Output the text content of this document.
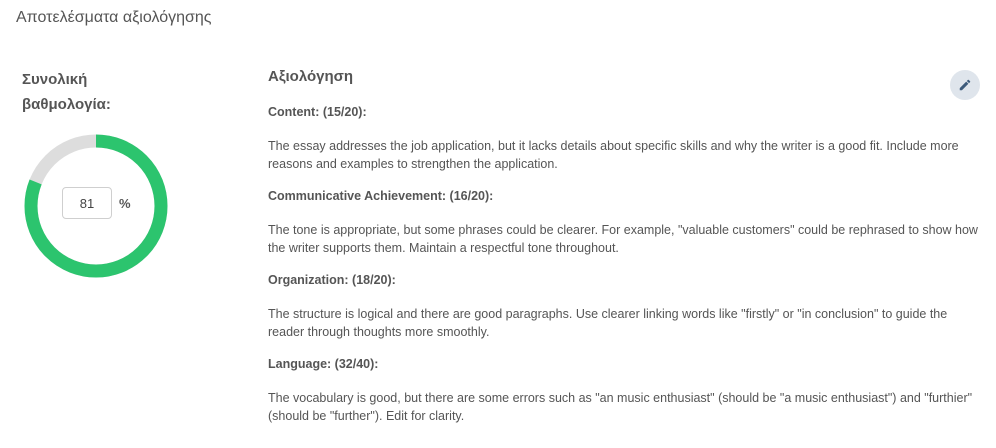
Αποτελέσματα αξιολόγησης
Συνολική βαθμολογία:
81	%
Αξιολόγηση

Content: (15/20):

The essay addresses the job application, but it lacks details about specific skills and why the writer is a good fit. Include more reasons and examples to strengthen the application.

Communicative Achievement: (16/20):

The tone is appropriate, but some phrases could be clearer. For example, "valuable customers" could be rephrased to show how the writer supports them. Maintain a respectful tone throughout.

Organization: (18/20):

The structure is logical and there are good paragraphs. Use clearer linking words like "firstly" or "in conclusion" to guide the reader through thoughts more smoothly.

Language: (32/40):

The vocabulary is good, but there are some errors such as "an music enthusiast" (should be "a music enthusiast") and "furthier" (should be "further"). Edit for clarity.
